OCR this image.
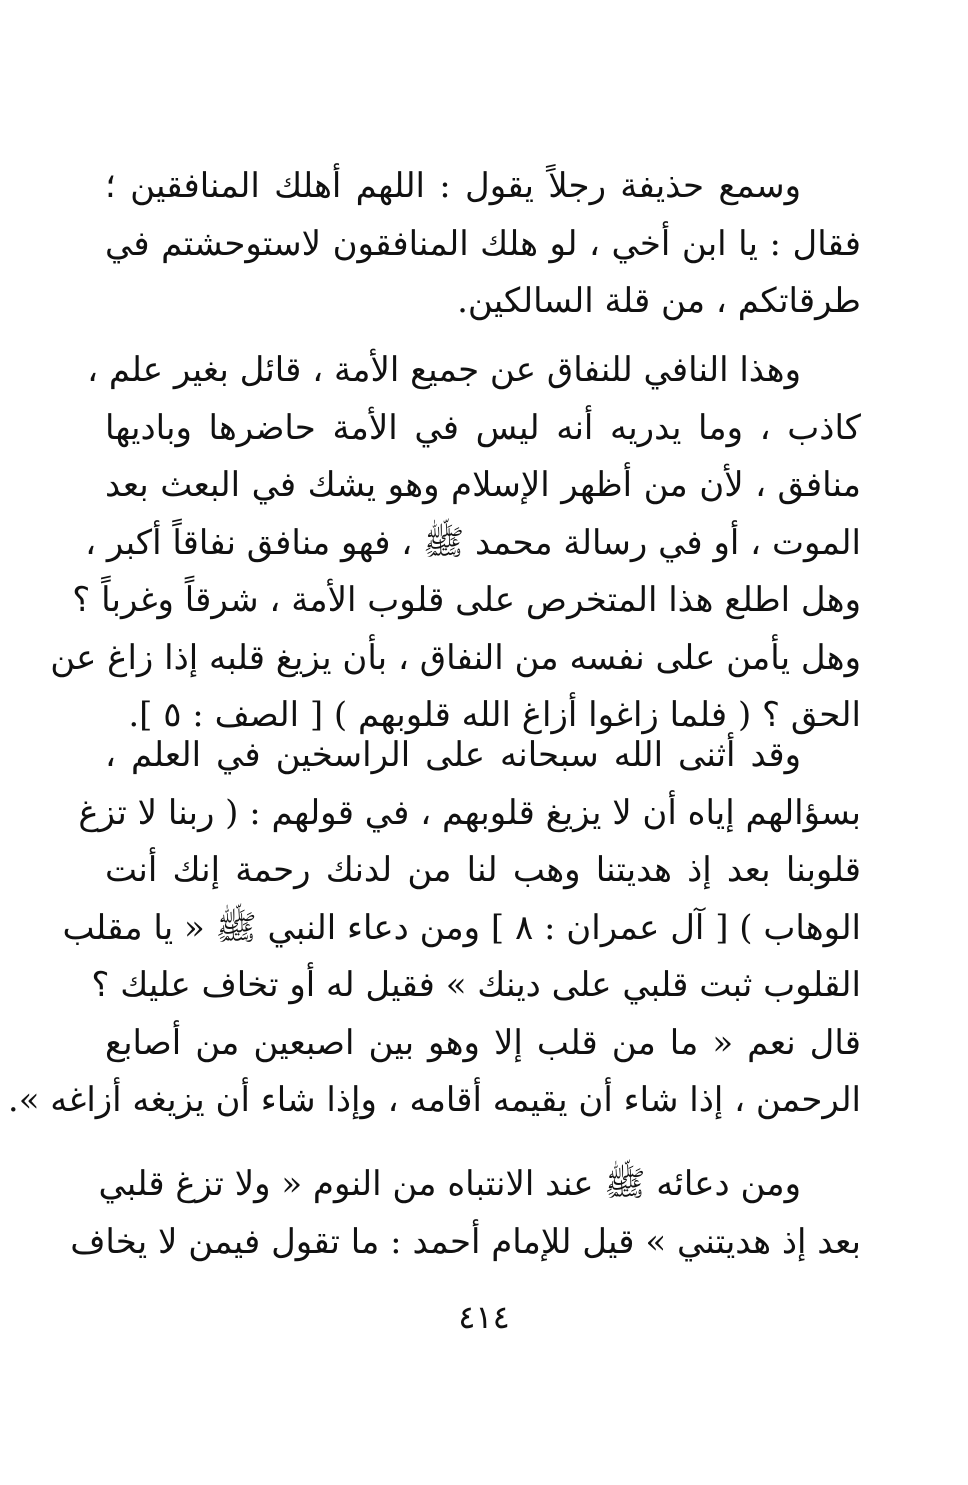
وسمع حذيفة رجلاً يقول : اللهم أهلك المنافقين ؛
فقال : يا ابن أخي ، لو هلك المنافقون لاستوحشتم في
طرقاتكم ، من قلة السالكين.
وهذا النافي للنفاق عن جميع الأمة ، قائل بغير علم ،
كاذب ، وما يدريه أنه ليس في الأمة حاضرها وباديها
منافق ، لأن من أظهر الإسلام وهو يشك في البعث بعد
الموت ، أو في رسالة محمد ﷺ ، فهو منافق نفاقاً أكبر ،
وهل اطلع هذا المتخرص على قلوب الأمة ، شرقاً وغرباً ؟
وهل يأمن على نفسه من النفاق ، بأن يزيغ قلبه إذا زاغ عن
الحق ؟ ( فلما زاغوا أزاغ الله قلوبهم ) [ الصف : ٥ ].
وقد أثنى الله سبحانه على الراسخين في العلم ،
بسؤالهم إياه أن لا يزيغ قلوبهم ، في قولهم : ( ربنا لا تزغ
قلوبنا بعد إذ هديتنا وهب لنا من لدنك رحمة إنك أنت
الوهاب ) [ آل عمران : ٨ ] ومن دعاء النبي ﷺ « يا مقلب
القلوب ثبت قلبي على دينك » فقيل له أو تخاف عليك ؟
قال نعم « ما من قلب إلا وهو بين اصبعين من أصابع
الرحمن ، إذا شاء أن يقيمه أقامه ، وإذا شاء أن يزيغه أزاغه ».
ومن دعائه ﷺ عند الانتباه من النوم « ولا تزغ قلبي
بعد إذ هديتني » قيل للإمام أحمد : ما تقول فيمن لا يخاف
٤١٤
